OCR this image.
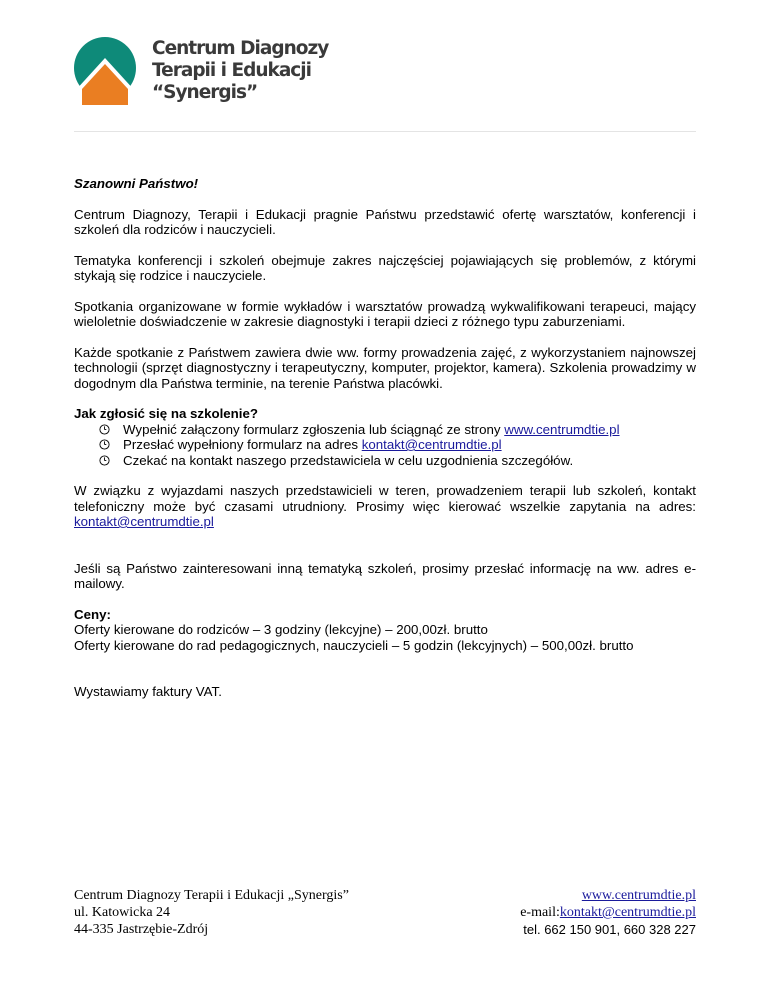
Centrum Diagnozy
Terapii i Edukacji
“Synergis”

Szanowni Państwo!

Centrum Diagnozy, Terapii i Edukacji pragnie Państwu przedstawić ofertę warsztatów, konferencji i szkoleń dla rodziców i nauczycieli.

Tematyka konferencji i szkoleń obejmuje zakres najczęściej pojawiających się problemów, z którymi stykają się rodzice i nauczyciele.

Spotkania organizowane w formie wykładów i warsztatów prowadzą wykwalifikowani terapeuci, mający wieloletnie doświadczenie w zakresie diagnostyki i terapii dzieci z różnego typu zaburzeniami.

Każde spotkanie z Państwem zawiera dwie ww. formy prowadzenia zajęć, z wykorzystaniem najnowszej technologii (sprzęt diagnostyczny i terapeutyczny, komputer, projektor, kamera). Szkolenia prowadzimy w dogodnym dla Państwa terminie, na terenie Państwa placówki.

Jak zgłosić się na szkolenie?

Wypełnić załączony formularz zgłoszenia lub ściągnąć ze strony www.centrumdtie.pl
Przesłać wypełniony formularz na adres kontakt@centrumdtie.pl
Czekać na kontakt naszego przedstawiciela w celu uzgodnienia szczegółów.

W związku z wyjazdami naszych przedstawicieli w teren, prowadzeniem terapii lub szkoleń, kontakt telefoniczny może być czasami utrudniony. Prosimy więc kierować wszelkie zapytania na adres: kontakt@centrumdtie.pl

Jeśli są Państwo zainteresowani inną tematyką szkoleń, prosimy przesłać informację na ww. adres e-mailowy.

Ceny:

Oferty kierowane do rodziców – 3 godziny (lekcyjne) – 200,00zł. brutto

Oferty kierowane do rad pedagogicznych, nauczycieli – 5 godzin (lekcyjnych) – 500,00zł. brutto

Wystawiamy faktury VAT.

Centrum Diagnozy Terapii i Edukacji „Synergis”
ul. Katowicka 24
44-335 Jastrzębie-Zdrój
www.centrumdtie.pl
e-mail:kontakt@centrumdtie.pl
tel. 662 150 901, 660 328 227
